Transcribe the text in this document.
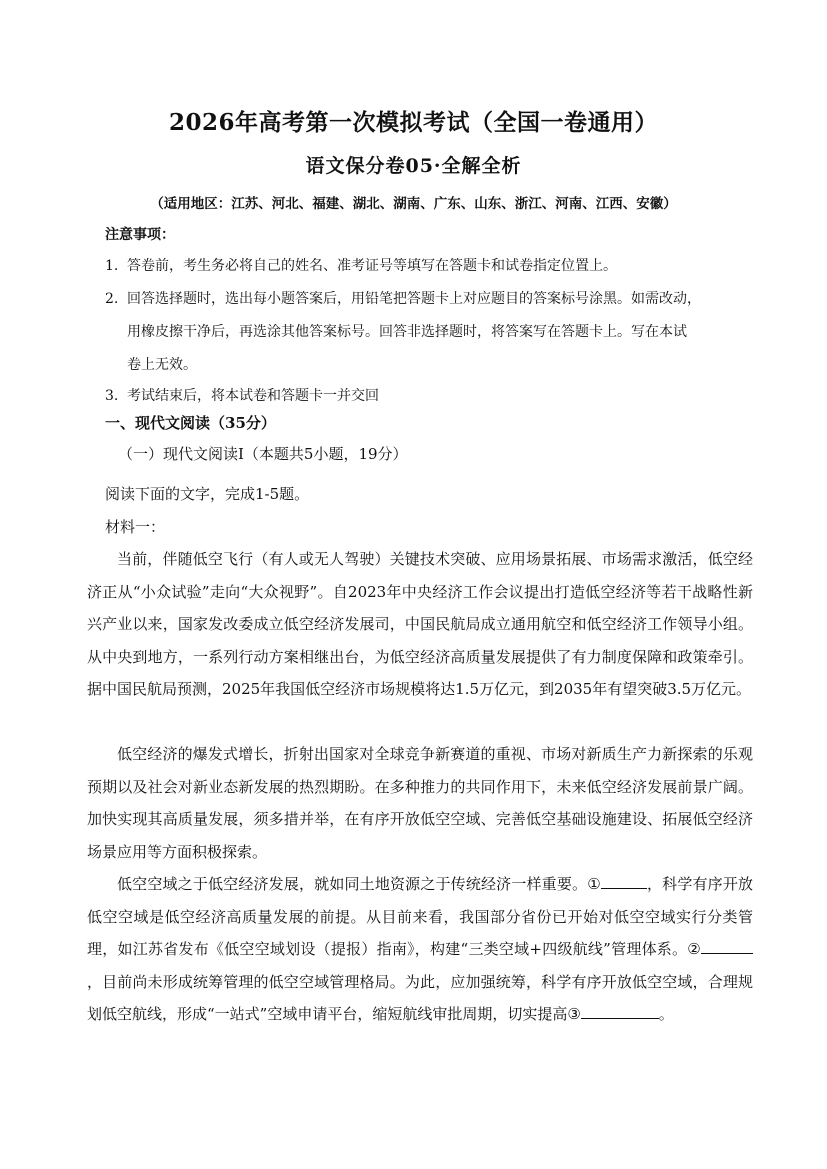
2026年高考第一次模拟考试（全国一卷通用）
语文保分卷05·全解全析
（适用地区：江苏、河北、福建、湖北、湖南、广东、山东、浙江、河南、江西、安徽）
注意事项：

1. 答卷前，考生务必将自己的姓名、准考证号等填写在答题卡和试卷指定位置上。

2. 回答选择题时，选出每小题答案后，用铅笔把答题卡上对应题目的答案标号涂黑。如需改动，

用橡皮擦干净后，再选涂其他答案标号。回答非选择题时，将答案写在答题卡上。写在本试

卷上无效。

3. 考试结束后，将本试卷和答题卡一并交回

一、现代文阅读（35分）
（一）现代文阅读Ⅰ（本题共5小题，19分）
阅读下面的文字，完成1-5题。
材料一：

当前，伴随低空飞行（有人或无人驾驶）关键技术突破、应用场景拓展、市场需求激活，低空经济正从“小众试验”走向“大众视野”。自2023年中央经济工作会议提出打造低空经济等若干战略性新兴产业以来，国家发改委成立低空经济发展司，中国民航局成立通用航空和低空经济工作领导小组。从中央到地方，一系列行动方案相继出台，为低空经济高质量发展提供了有力制度保障和政策牵引。据中国民航局预测，2025年我国低空经济市场规模将达1.5万亿元，到2035年有望突破3.5万亿元。

低空经济的爆发式增长，折射出国家对全球竞争新赛道的重视、市场对新质生产力新探索的乐观预期以及社会对新业态新发展的热烈期盼。在多种推力的共同作用下，未来低空经济发展前景广阔。加快实现其高质量发展，须多措并举，在有序开放低空空域、完善低空基础设施建设、拓展低空经济场景应用等方面积极探索。

低空空域之于低空经济发展，就如同土地资源之于传统经济一样重要。①	，科学有序开放低空空域是低空经济高质量发展的前提。从目前来看，我国部分省份已开始对低空空域实行分类管理，如江苏省发布《低空空域划设（提报）指南》，构建“三类空域+四级航线”管理体系。②，目前尚未形成统筹管理的低空空域管理格局。为此，应加强统筹，科学有序开放低空空域，合理规划低空航线，形成“一站式”空域申请平台，缩短航线审批周期，切实提高③	。
